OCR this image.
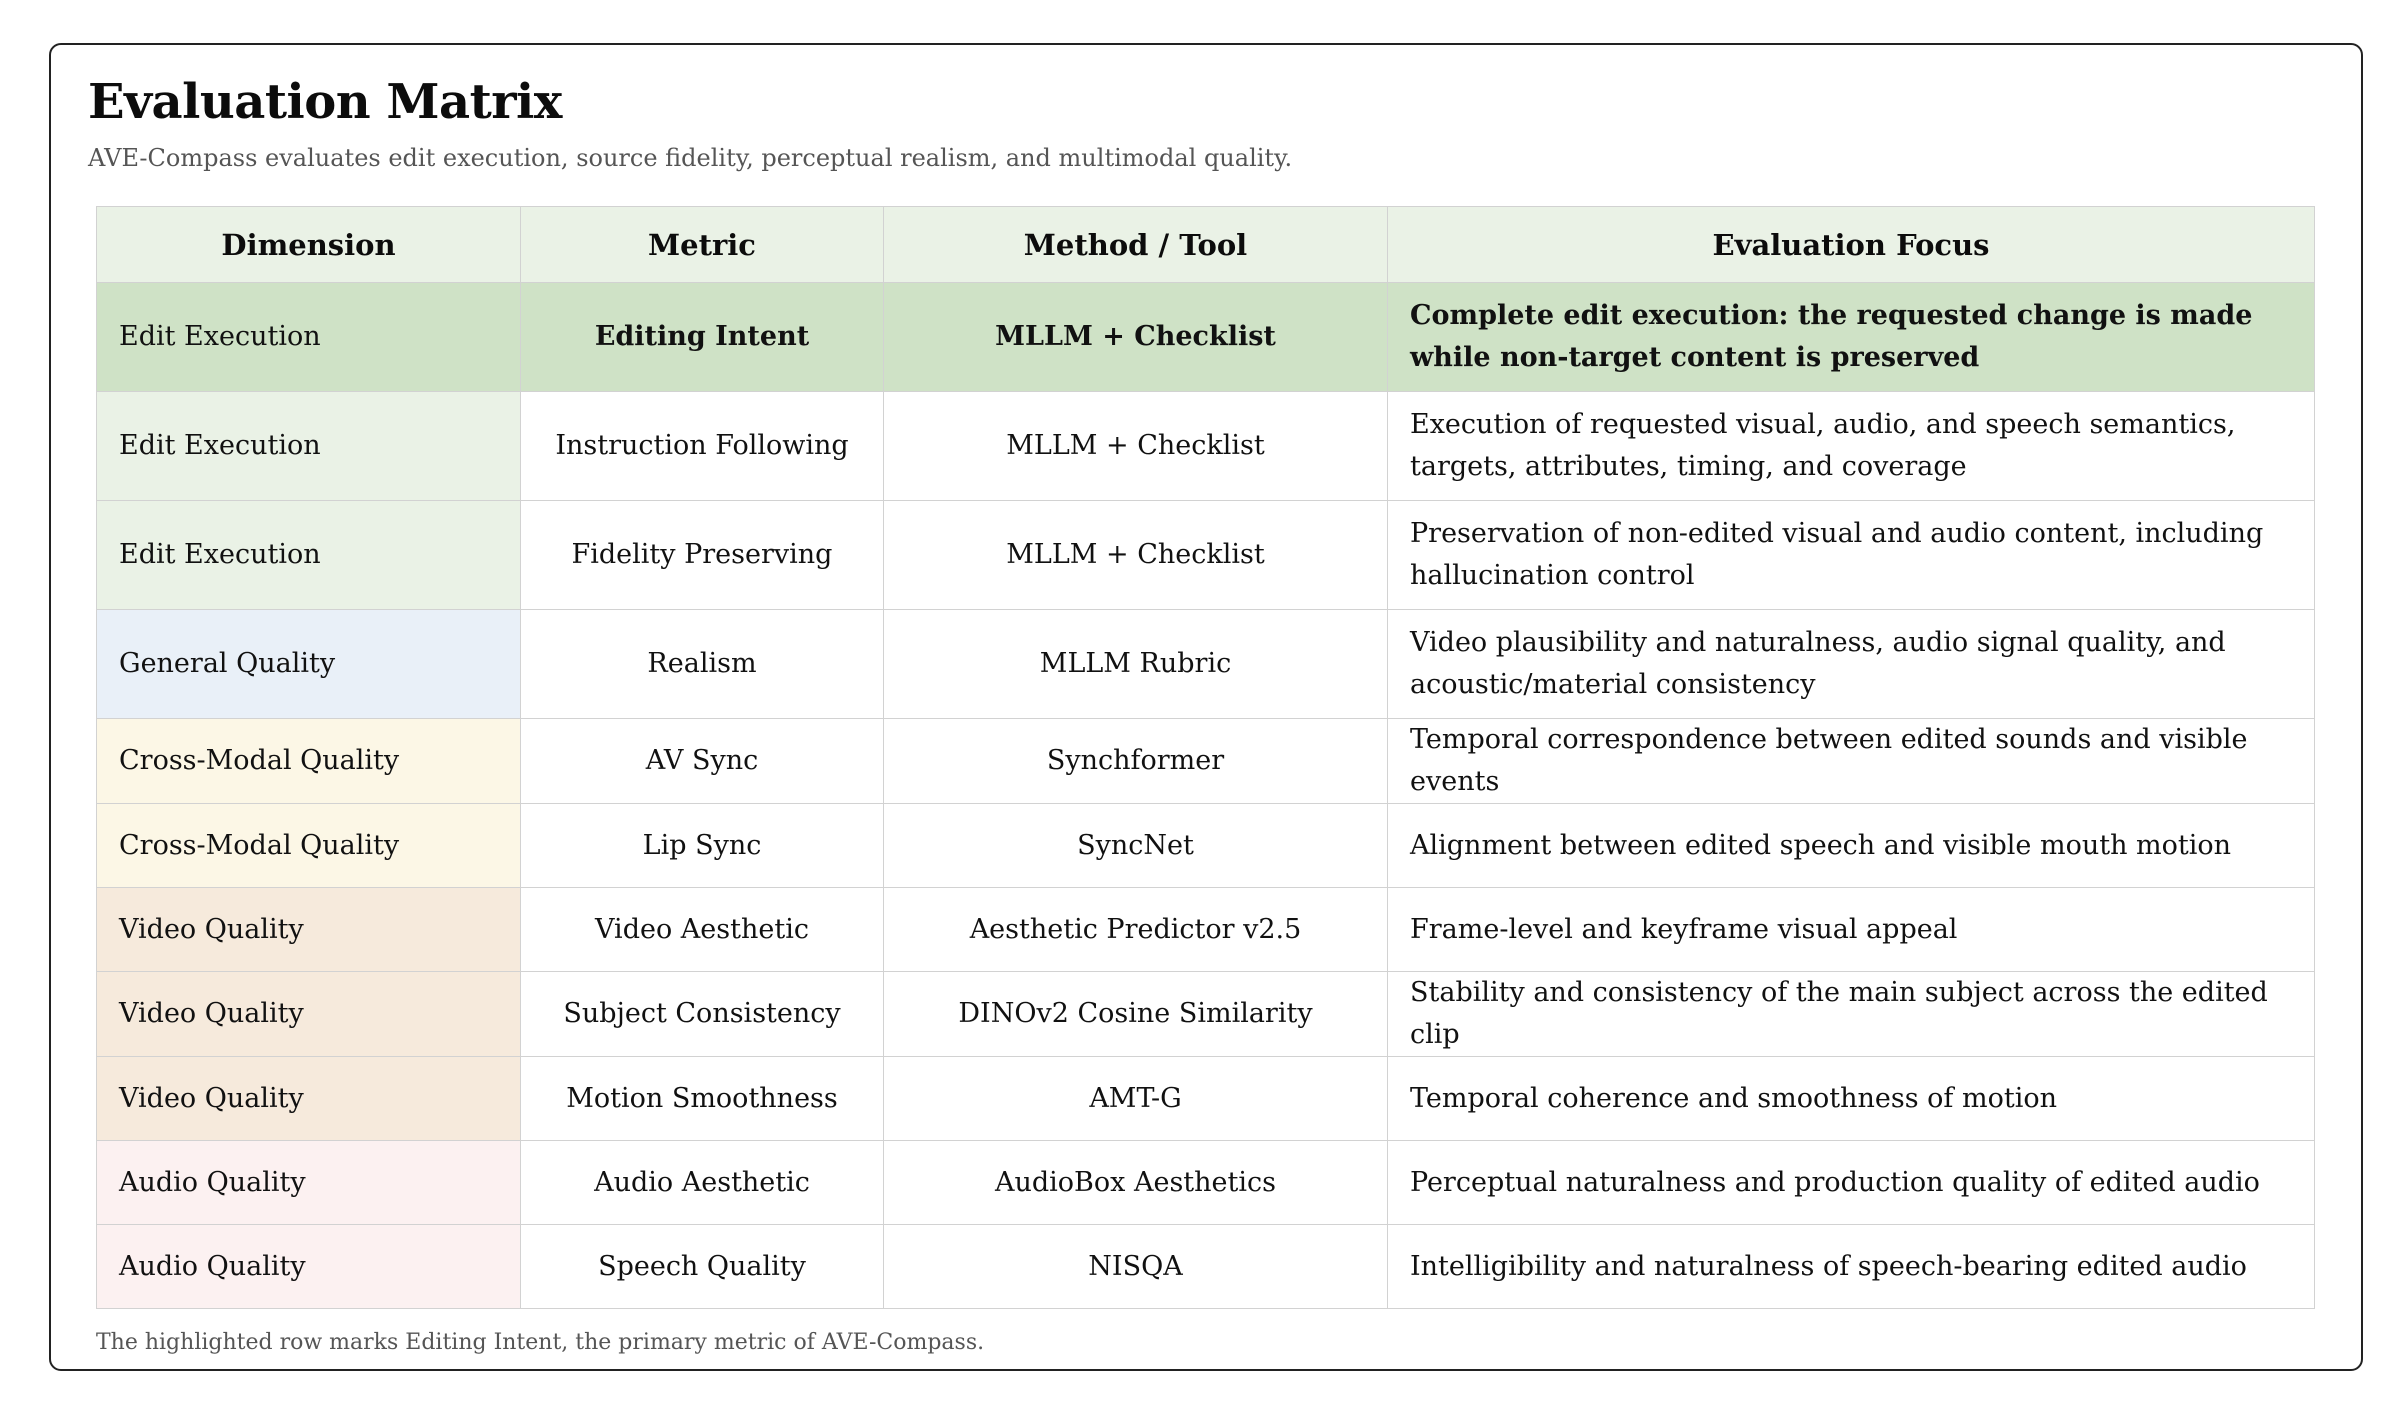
Evaluation Matrix

AVE-Compass evaluates edit execution, source fidelity, perceptual realism, and multimodal quality.

Dimension	Metric	Method / Tool	Evaluation Focus
Edit Execution	Editing Intent	MLLM + Checklist	Complete edit execution: the requested change is made while non-target content is preserved
Edit Execution	Instruction Following	MLLM + Checklist	Execution of requested visual, audio, and speech semantics, targets, attributes, timing, and coverage
Edit Execution	Fidelity Preserving	MLLM + Checklist	Preservation of non-edited visual and audio content, including hallucination control
General Quality	Realism	MLLM Rubric	Video plausibility and naturalness, audio signal quality, and acoustic/material consistency
Cross-Modal Quality	AV Sync	Synchformer	Temporal correspondence between edited sounds and visible events
Cross-Modal Quality	Lip Sync	SyncNet	Alignment between edited speech and visible mouth motion
Video Quality	Video Aesthetic	Aesthetic Predictor v2.5	Frame-level and keyframe visual appeal
Video Quality	Subject Consistency	DINOv2 Cosine Similarity	Stability and consistency of the main subject across the edited clip
Video Quality	Motion Smoothness	AMT-G	Temporal coherence and smoothness of motion
Audio Quality	Audio Aesthetic	AudioBox Aesthetics	Perceptual naturalness and production quality of edited audio
Audio Quality	Speech Quality	NISQA	Intelligibility and naturalness of speech-bearing edited audio

The highlighted row marks Editing Intent, the primary metric of AVE-Compass.
